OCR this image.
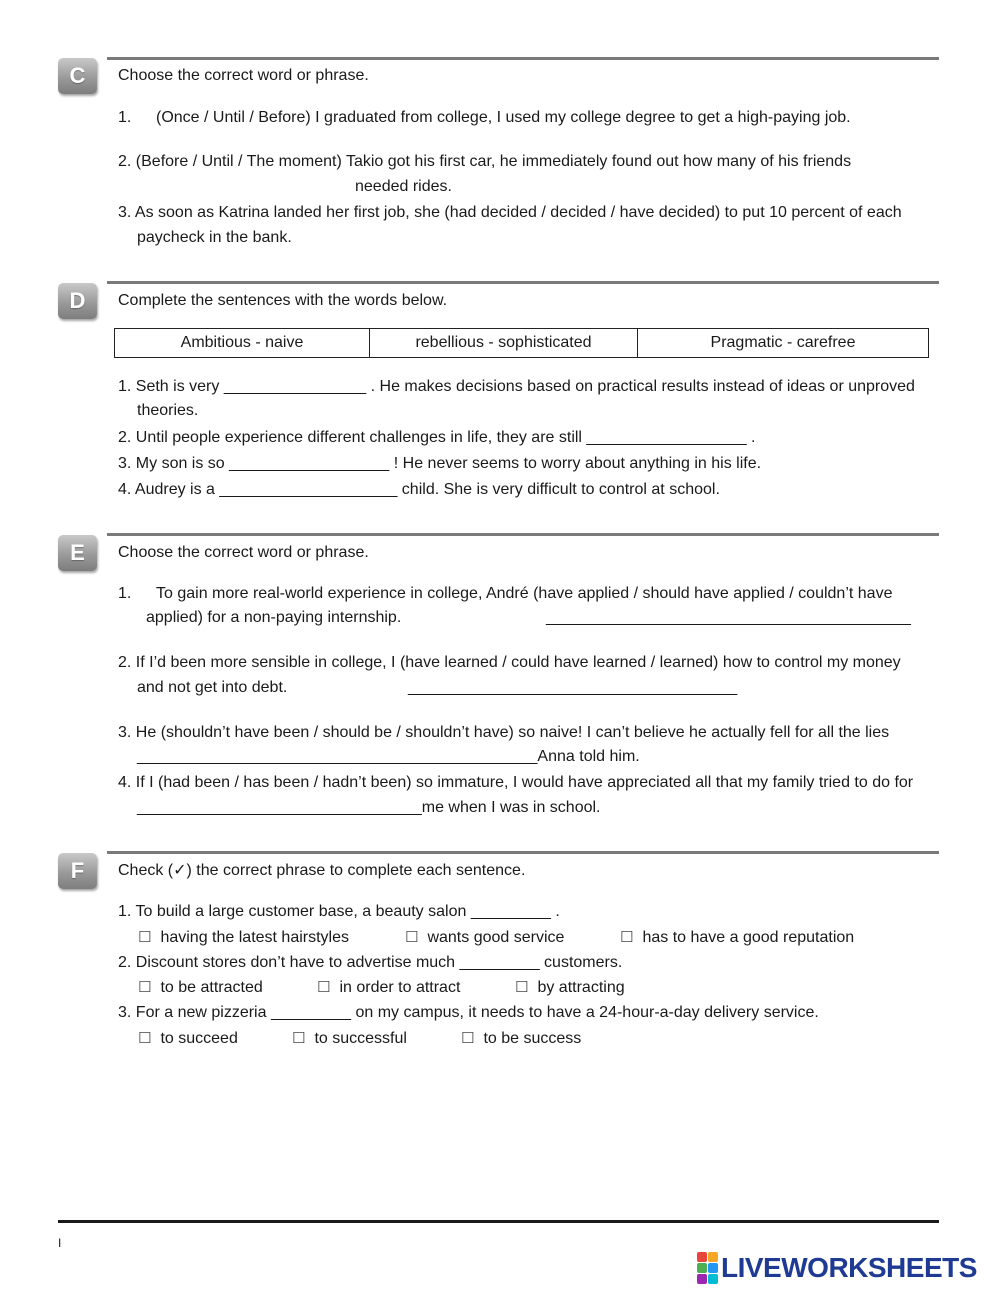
C	Choose the correct word or phrase.
1. (Once / Until / Before) I graduated from college, I used my college degree to get a high-paying job.
2. (Before / Until / The moment) Takio got his first car, he immediately found out how many of his friends
needed rides.
3. As soon as Katrina landed her first job, she (had decided / decided / have decided) to put 10 percent of each
paycheck in the bank.
D	Complete the sentences with the words below.
Ambitious - naive	rebellious - sophisticated	Pragmatic - carefree
1. Seth is very ________________ . He makes decisions based on practical results instead of ideas or unproved
theories.
2. Until people experience different challenges in life, they are still __________________ .
3. My son is so __________________ ! He never seems to worry about anything in his life.
4. Audrey is a ____________________ child. She is very difficult to control at school.
E	Choose the correct word or phrase.
1. To gain more real-world experience in college, André (have applied / should have applied / couldn’t have
applied) for a non-paying internship.	_________________________________________
2. If I’d been more sensible in college, I (have learned / could have learned / learned) how to control my money
and not get into debt.	_____________________________________
3. He (shouldn’t have been / should be / shouldn’t have) so naive! I can’t believe he actually fell for all the lies
_____________________________________________Anna told him.
4. If I (had been / has been / hadn’t been) so immature, I would have appreciated all that my family tried to do for
________________________________me when I was in school.
F	Check (✓) the correct phrase to complete each sentence.
1. To build a large customer base, a beauty salon _________ .
☐ having the latest hairstyles	☐ wants good service	☐ has to have a good reputation
2. Discount stores don’t have to advertise much _________ customers.
☐ to be attracted	☐ in order to attract	☐ by attracting
3. For a new pizzeria _________ on my campus, it needs to have a 24-hour-a-day delivery service.
☐ to succeed	☐ to successful	☐ to be success
I
LIVEWORKSHEETS
